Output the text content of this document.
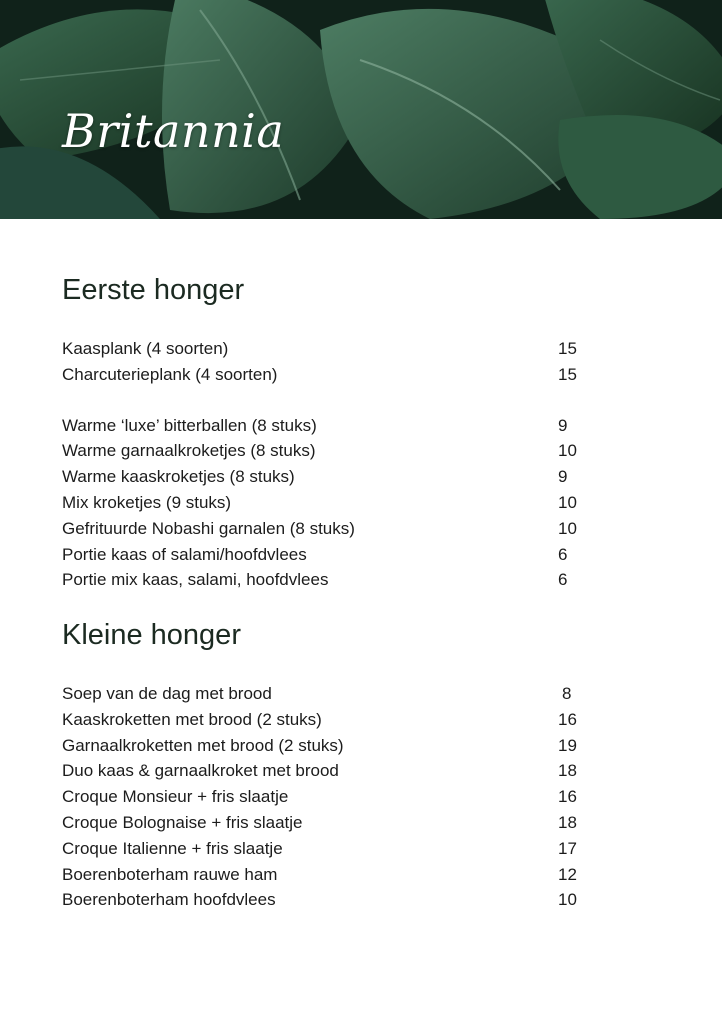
Britannia
Eerste honger
Kaasplank (4 soorten)	15
Charcuterieplank (4 soorten)	15
Warme ‘luxe’ bitterballen (8 stuks)	9
Warme garnaalkroketjes (8 stuks)	10
Warme kaaskroketjes (8 stuks)	9
Mix kroketjes (9 stuks)	10
Gefrituurde Nobashi garnalen (8 stuks)	10
Portie kaas of salami/hoofdvlees	6
Portie mix kaas, salami, hoofdvlees	6
Kleine honger
Soep van de dag met brood	8
Kaaskroketten met brood (2 stuks)	16
Garnaalkroketten met brood (2 stuks)	19
Duo kaas & garnaalkroket met brood	18
Croque Monsieur + fris slaatje	16
Croque Bolognaise + fris slaatje	18
Croque Italienne + fris slaatje	17
Boerenboterham rauwe ham	12
Boerenboterham hoofdvlees	10
